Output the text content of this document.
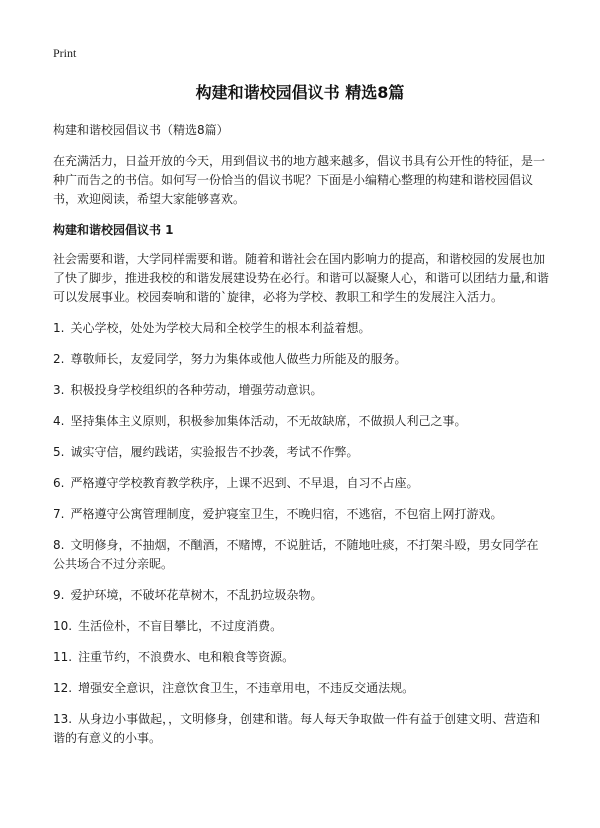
Print
构建和谐校园倡议书 精选8篇
构建和谐校园倡议书（精选8篇）

在充满活力，日益开放的今天，用到倡议书的地方越来越多，倡议书具有公开性的特征，是一种广而告之的书信。如何写一份恰当的倡议书呢？下面是小编精心整理的构建和谐校园倡议书，欢迎阅读，希望大家能够喜欢。

构建和谐校园倡议书 1

社会需要和谐，大学同样需要和谐。随着和谐社会在国内影响力的提高，和谐校园的发展也加了快了脚步，推进我校的和谐发展建设势在必行。和谐可以凝聚人心，和谐可以团结力量,和谐可以发展事业。校园奏响和谐的`旋律，必将为学校、教职工和学生的发展注入活力。

1. 关心学校，处处为学校大局和全校学生的根本利益着想。
2. 尊敬师长，友爱同学，努力为集体或他人做些力所能及的服务。
3. 积极投身学校组织的各种劳动，增强劳动意识。
4. 坚持集体主义原则，积极参加集体活动，不无故缺席，不做损人利己之事。
5. 诚实守信，履约践诺，实验报告不抄袭，考试不作弊。
6. 严格遵守学校教育教学秩序，上课不迟到、不早退，自习不占座。
7. 严格遵守公寓管理制度，爱护寝室卫生，不晚归宿，不逃宿，不包宿上网打游戏。
8. 文明修身，不抽烟，不酗酒，不赌博，不说脏话，不随地吐痰，不打架斗殴，男女同学在公共场合不过分亲昵。
9. 爱护环境，不破坏花草树木，不乱扔垃圾杂物。
10. 生活俭朴，不盲目攀比，不过度消费。
11. 注重节约，不浪费水、电和粮食等资源。
12. 增强安全意识，注意饮食卫生，不违章用电，不违反交通法规。
13. 从身边小事做起，，文明修身，创建和谐。每人每天争取做一件有益于创建文明、营造和谐的有意义的小事。
